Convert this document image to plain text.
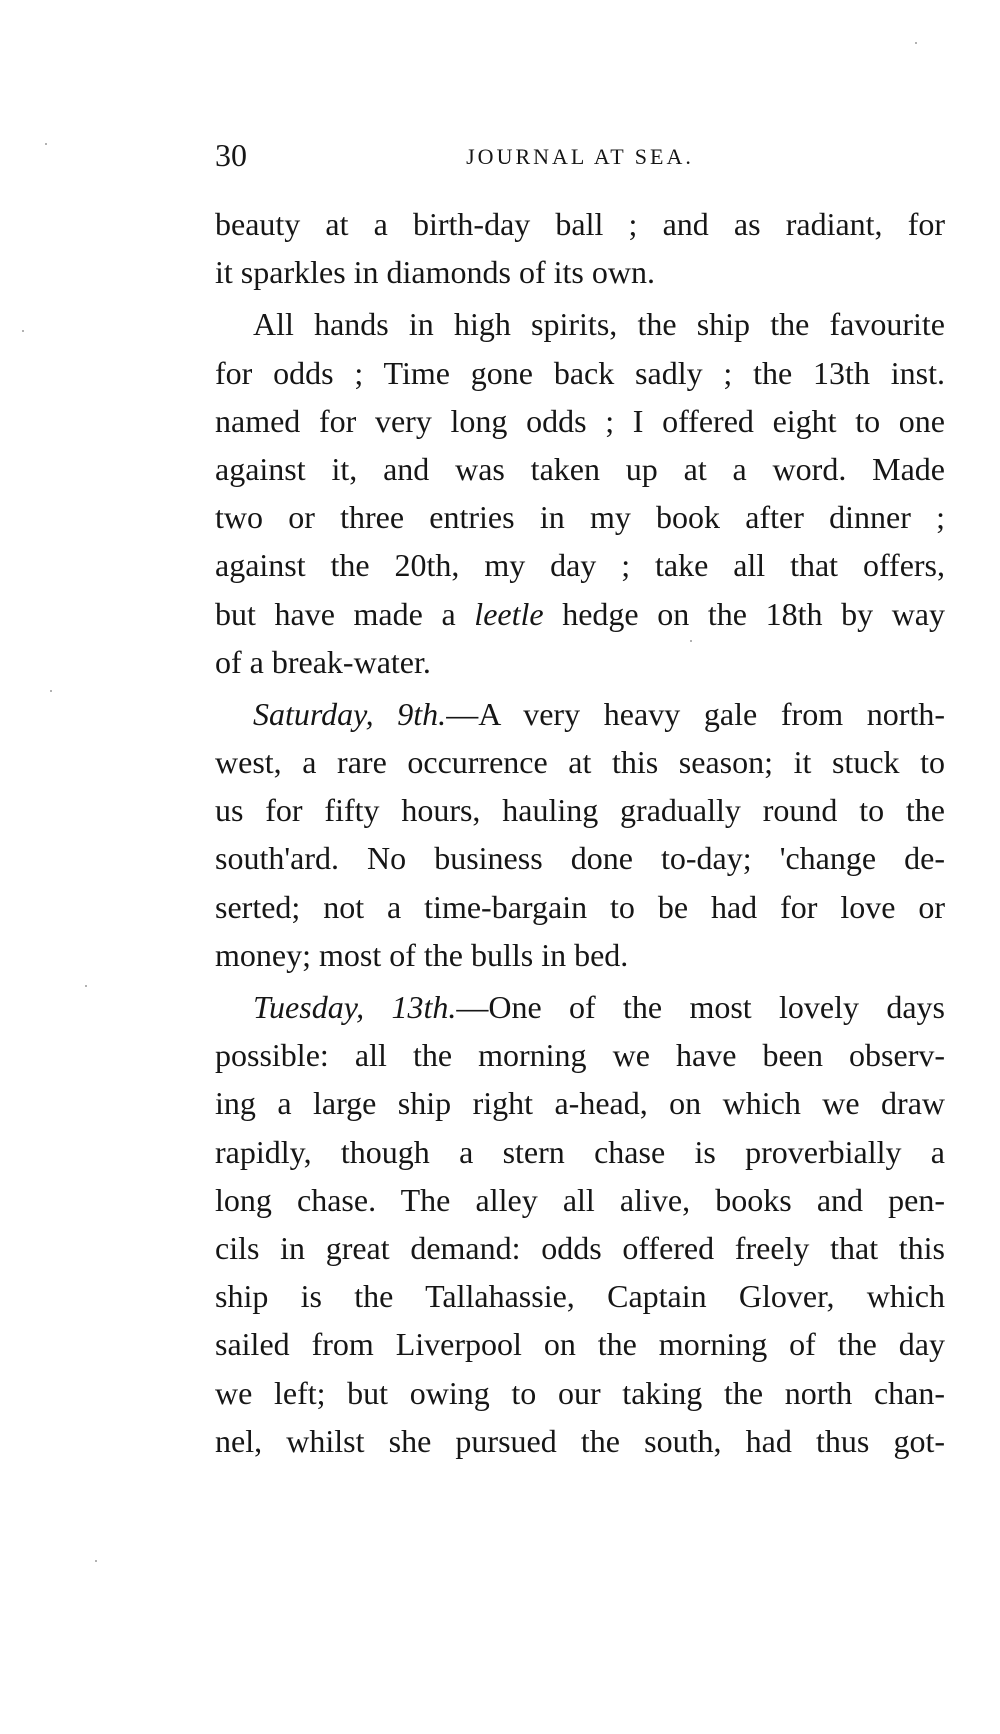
30	JOURNAL AT SEA.
beauty at a birth-day ball ; and as radiant, for
it sparkles in diamonds of its own.
All hands in high spirits, the ship the favourite
for odds ; Time gone back sadly ; the 13th inst.
named for very long odds ; I offered eight to one
against it, and was taken up at a word. Made
two or three entries in my book after dinner ;
against the 20th, my day ; take all that offers,
but have made a leetle hedge on the 18th by way
of a break-water.
Saturday, 9th.—A very heavy gale from north-
west, a rare occurrence at this season; it stuck to
us for fifty hours, hauling gradually round to the
south'ard. No business done to-day; 'change de-
serted; not a time-bargain to be had for love or
money; most of the bulls in bed.
Tuesday, 13th.—One of the most lovely days
possible: all the morning we have been observ-
ing a large ship right a-head, on which we draw
rapidly, though a stern chase is proverbially a
long chase. The alley all alive, books and pen-
cils in great demand: odds offered freely that this
ship is the Tallahassie, Captain Glover, which
sailed from Liverpool on the morning of the day
we left; but owing to our taking the north chan-
nel, whilst she pursued the south, had thus got-
